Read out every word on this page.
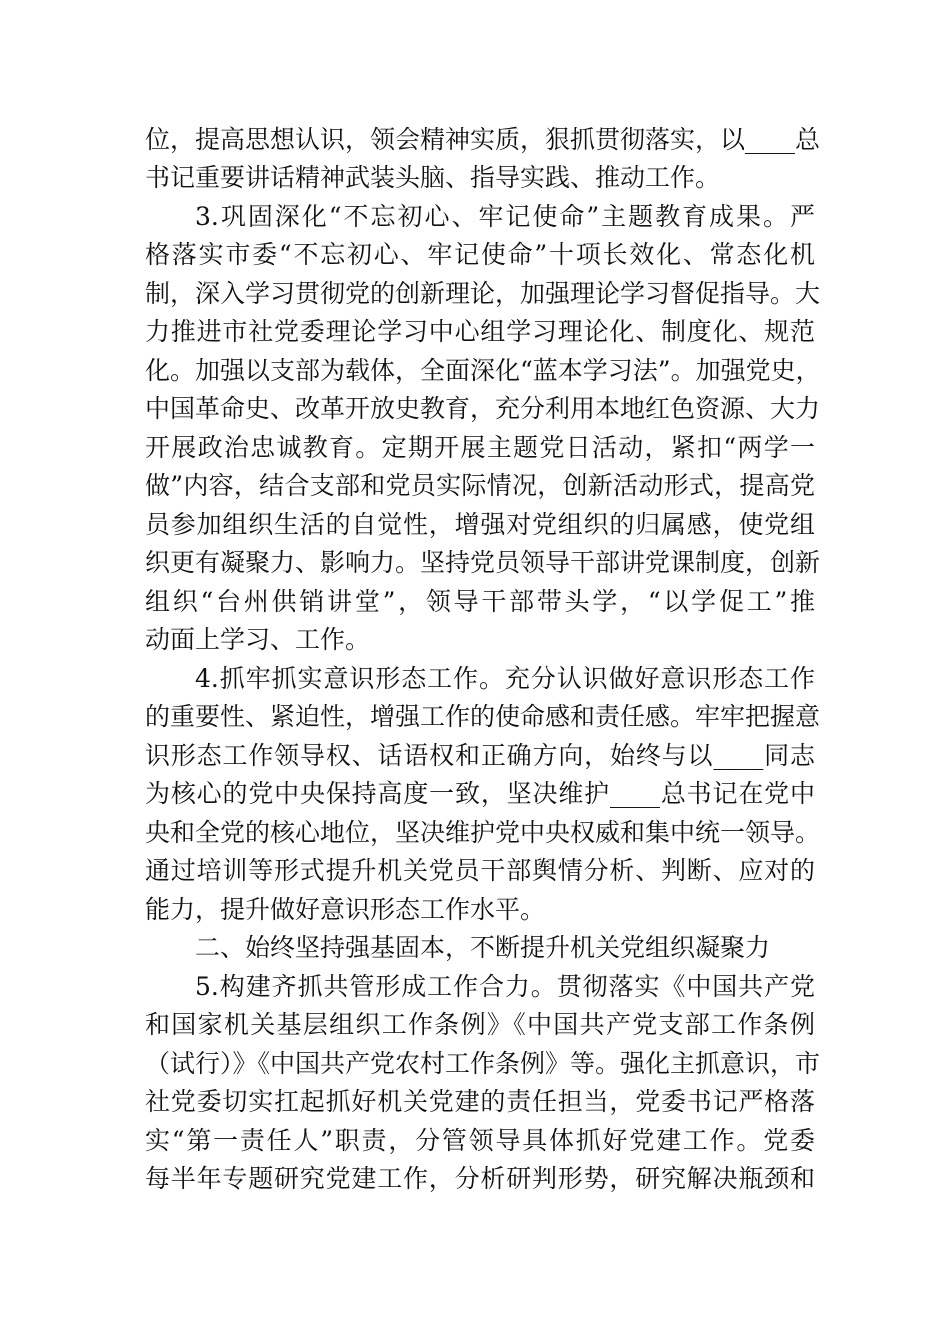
位，提高思想认识，领会精神实质，狠抓贯彻落实，以____总
书记重要讲话精神武装头脑、指导实践、推动工作。
3.巩固深化“不忘初心、牢记使命”主题教育成果。严
格落实市委“不忘初心、牢记使命”十项长效化、常态化机
制，深入学习贯彻党的创新理论，加强理论学习督促指导。大
力推进市社党委理论学习中心组学习理论化、制度化、规范
化。加强以支部为载体，全面深化“蓝本学习法”。加强党史，
中国革命史、改革开放史教育，充分利用本地红色资源、大力
开展政治忠诚教育。定期开展主题党日活动，紧扣“两学一
做”内容，结合支部和党员实际情况，创新活动形式，提高党
员参加组织生活的自觉性，增强对党组织的归属感，使党组
织更有凝聚力、影响力。坚持党员领导干部讲党课制度，创新
组织“台州供销讲堂”，领导干部带头学，“以学促工”推
动面上学习、工作。
4.抓牢抓实意识形态工作。充分认识做好意识形态工作
的重要性、紧迫性，增强工作的使命感和责任感。牢牢把握意
识形态工作领导权、话语权和正确方向，始终与以____同志
为核心的党中央保持高度一致，坚决维护____总书记在党中
央和全党的核心地位，坚决维护党中央权威和集中统一领导。
通过培训等形式提升机关党员干部舆情分析、判断、应对的
能力，提升做好意识形态工作水平。
二、始终坚持强基固本，不断提升机关党组织凝聚力
5.构建齐抓共管形成工作合力。贯彻落实《中国共产党
和国家机关基层组织工作条例》《中国共产党支部工作条例
（试行）》《中国共产党农村工作条例》等。强化主抓意识，市
社党委切实扛起抓好机关党建的责任担当，党委书记严格落
实“第一责任人”职责，分管领导具体抓好党建工作。党委
每半年专题研究党建工作，分析研判形势，研究解决瓶颈和
